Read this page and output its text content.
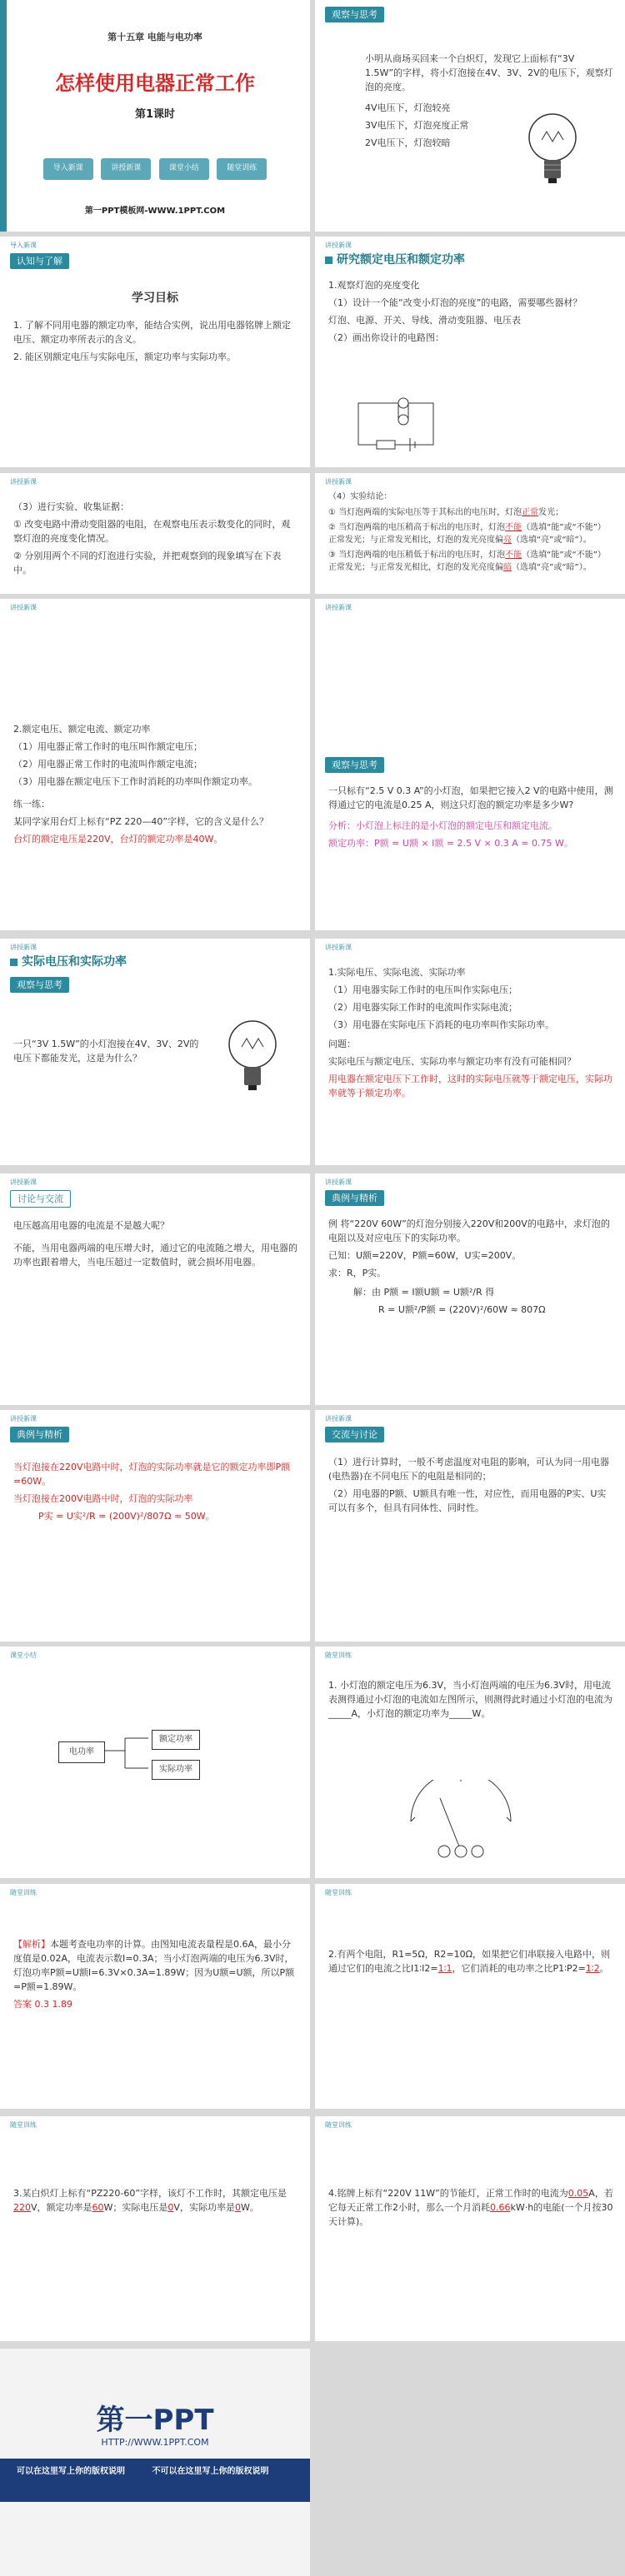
第十五章 电能与电功率
怎样使用电器正常工作
第1课时
导入新课	讲授新课	课堂小结	随堂训练
第一PPT模板网-WWW.1PPT.COM
观察与思考

小明从商场买回来一个白炽灯，发现它上面标有“3V 1.5W”的字样，将小灯泡接在4V、3V、2V的电压下，观察灯泡的亮度。

4V电压下，灯泡较亮

3V电压下，灯泡亮度正常

2V电压下，灯泡较暗

导入新课
认知与了解
学习目标

1. 了解不同用电器的额定功率，能结合实例，说出用电器铭牌上额定电压、额定功率所表示的含义。

2. 能区别额定电压与实际电压，额定功率与实际功率。

讲授新课
研究额定电压和额定功率

1.观察灯泡的亮度变化

（1）设计一个能“改变小灯泡的亮度”的电路，需要哪些器材？

灯泡、电源、开关、导线、滑动变阻器、电压表

（2）画出你设计的电路图：

讲授新课

（3）进行实验、收集证据：

① 改变电路中滑动变阻器的电阻，在观察电压表示数变化的同时，观察灯泡的亮度变化情况。

② 分别用两个不同的灯泡进行实验，并把观察到的现象填写在下表中。

讲授新课

（4）实验结论：

① 当灯泡两端的实际电压等于其标出的电压时，灯泡正常发光；

② 当灯泡两端的电压稍高于标出的电压时，灯泡不能（选填“能”或“不能”）正常发光；与正常发光相比，灯泡的发光亮度偏亮（选填“亮”或“暗”）。

③ 当灯泡两端的电压稍低于标出的电压时，灯泡不能（选填“能”或“不能”）正常发光；与正常发光相比，灯泡的发光亮度偏暗（选填“亮”或“暗”）。

讲授新课

2.额定电压、额定电流、额定功率

（1）用电器正常工作时的电压叫作额定电压；

（2）用电器正常工作时的电流叫作额定电流；

（3）用电器在额定电压下工作时消耗的功率叫作额定功率。

练一练：

某同学家用台灯上标有“PZ 220—40”字样，它的含义是什么？

台灯的额定电压是220V，台灯的额定功率是40W。

讲授新课
观察与思考

一只标有“2.5 V 0.3 A”的小灯泡，如果把它接入2 V的电路中使用，测得通过它的电流是0.25 A，则这只灯泡的额定功率是多少W?

分析：小灯泡上标注的是小灯泡的额定电压和额定电流。

额定功率：P额 = U额 × I额 = 2.5 V × 0.3 A = 0.75 W。

讲授新课
实际电压和实际功率
观察与思考

一只“3V 1.5W”的小灯泡接在4V、3V、2V的电压下都能发光，这是为什么？

讲授新课

1.实际电压、实际电流、实际功率

（1）用电器实际工作时的电压叫作实际电压；

（2）用电器实际工作时的电流叫作实际电流；

（3）用电器在实际电压下消耗的电功率叫作实际功率。

问题：

实际电压与额定电压、实际功率与额定功率有没有可能相同？

用电器在额定电压下工作时，这时的实际电压就等于额定电压，实际功率就等于额定功率。

讲授新课
讨论与交流

电压越高用电器的电流是不是越大呢？

不能，当用电器两端的电压增大时，通过它的电流随之增大，用电器的功率也跟着增大，当电压超过一定数值时，就会损坏用电器。

讲授新课
典例与精析

例 将“220V 60W”的灯泡分别接入220V和200V的电路中，求灯泡的电阻以及对应电压下的实际功率。

已知：U额=220V，P额=60W，U实=200V。

求：R，P实。

解：由 P额 = I额U额 = U额²/R 得

R = U额²/P额 = (220V)²/60W ≈ 807Ω

讲授新课
典例与精析

当灯泡接在220V电路中时，灯泡的实际功率就是它的额定功率即P额=60W。

当灯泡接在200V电路中时，灯泡的实际功率

P实 = U实²/R = (200V)²/807Ω ≈ 50W。

讲授新课
交流与讨论

（1）进行计算时，一般不考虑温度对电阻的影响，可认为同一用电器(电热器)在不同电压下的电阻是相同的；

（2）用电器的P额、U额具有唯一性，对应性，而用电器的P实、U实可以有多个，但具有同体性、同时性。

课堂小结
电功率
额定功率
实际功率
随堂训练

1. 小灯泡的额定电压为6.3V，当小灯泡两端的电压为6.3V时，用电流表测得通过小灯泡的电流如左图所示，则测得此时通过小灯泡的电流为_____A，小灯泡的额定功率为_____W。

随堂训练

【解析】本题考查电功率的计算。由图知电流表量程是0.6A，最小分度值是0.02A，电流表示数I=0.3A；当小灯泡两端的电压为6.3V时，灯泡功率P额=U额I=6.3V×0.3A=1.89W；因为U额=U额，所以P额=P额=1.89W。

答案 0.3 1.89

随堂训练

2.有两个电阻，R1=5Ω，R2=10Ω，如果把它们串联接入电路中，则通过它们的电流之比I1∶I2=1∶1，它们消耗的电功率之比P1∶P2=1∶2。

随堂训练

3.某白炽灯上标有“PZ220-60”字样，该灯不工作时，其额定电压是220V，额定功率是60W；实际电压是0V，实际功率是0W。

随堂训练

4.铭牌上标有“220V 11W”的节能灯，正常工作时的电流为0.05A，若它每天正常工作2小时，那么一个月消耗0.66kW·h的电能(一个月按30天计算)。

第一PPT
HTTP://WWW.1PPT.COM
可以在这里写上你的版权说明	不可以在这里写上你的版权说明
